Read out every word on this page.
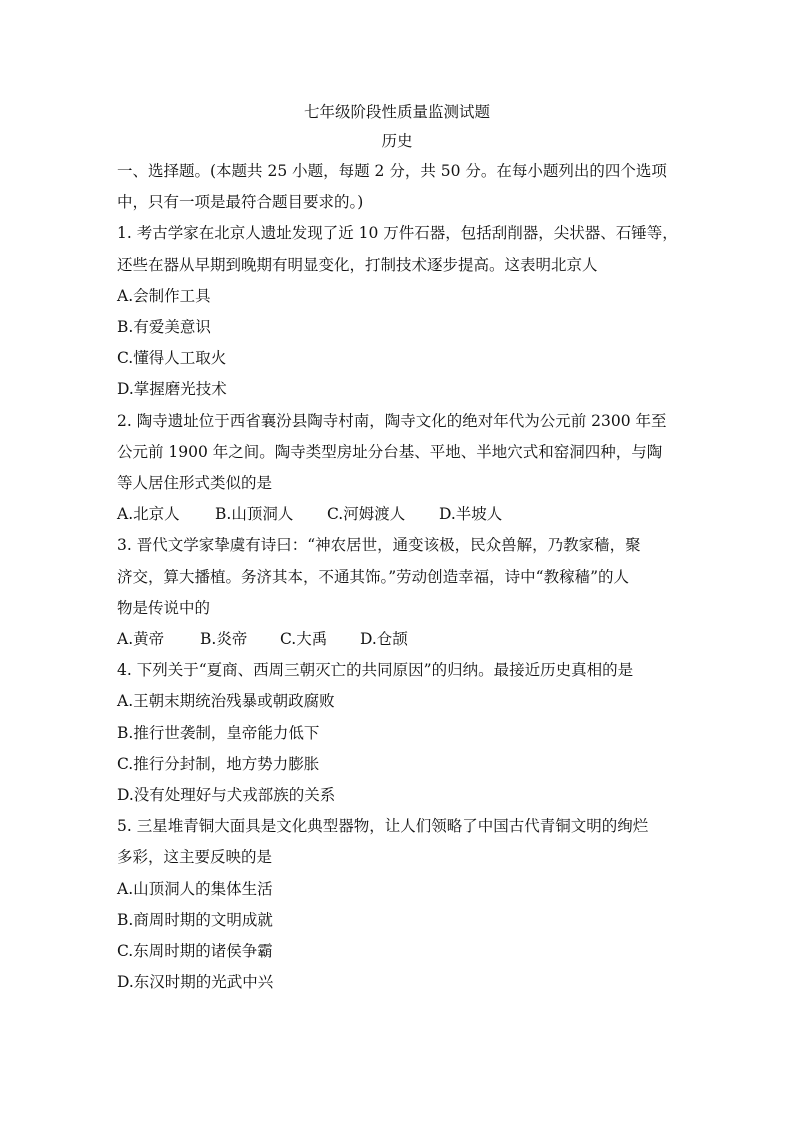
七年级阶段性质量监测试题
历史
一、选择题。(本题共 25 小题，每题 2 分，共 50 分。在每小题列出的四个选项
中，只有一项是最符合题目要求的。)
1. 考古学家在北京人遗址发现了近 10 万件石器，包括刮削器，尖状器、石锤等，
还些在器从早期到晚期有明显变化，打制技术逐步提高。这表明北京人
A.会制作工具
B.有爱美意识
C.懂得人工取火
D.掌握磨光技术
2. 陶寺遗址位于西省襄汾县陶寺村南，陶寺文化的绝对年代为公元前 2300 年至
公元前 1900 年之间。陶寺类型房址分台基、平地、半地穴式和窑洞四种，与陶
等人居住形式类似的是
A.北京人	B.山顶洞人	C.河姆渡人	D.半坡人
3. 晋代文学家挚虞有诗曰：“神农居世，通变该极，民众兽解，乃教家穑，聚
济交，算大播植。务济其本，不通其饰。”劳动创造幸福，诗中“教稼穑”的人
物是传说中的
A.黄帝	B.炎帝	C.大禹	D.仓颉
4. 下列关于“夏商、西周三朝灭亡的共同原因”的归纳。最接近历史真相的是
A.王朝末期统治残暴或朝政腐败
B.推行世袭制，皇帝能力低下
C.推行分封制，地方势力膨胀
D.没有处理好与犬戎部族的关系
5. 三星堆青铜大面具是文化典型器物，让人们领略了中国古代青铜文明的绚烂
多彩，这主要反映的是
A.山顶洞人的集体生活
B.商周时期的文明成就
C.东周时期的诸侯争霸
D.东汉时期的光武中兴
